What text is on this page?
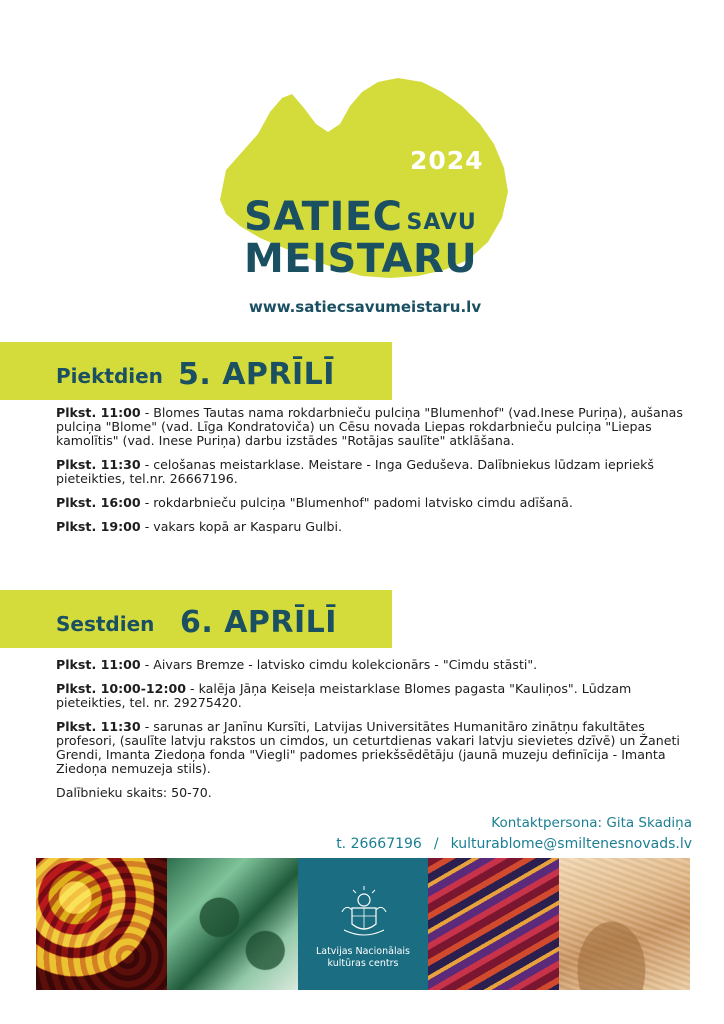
2024
SATIEC SAVU
MEISTARU
www.satiecsavumeistaru.lv
Piektdien 5. APRĪLĪ

Plkst. 11:00 - Blomes Tautas nama rokdarbnieču pulciņa "Blumenhof" (vad.Inese Puriņa), aušanas pulciņa "Blome" (vad. Līga Kondratoviča) un Cēsu novada Liepas rokdarbnieču pulciņa "Liepas kamolītis" (vad. Inese Puriņa) darbu izstādes "Rotājas saulīte" atklāšana.

Plkst. 11:30 - celošanas meistarklase. Meistare - Inga Geduševa. Dalībniekus lūdzam iepriekš pieteikties, tel.nr. 26667196.

Plkst. 16:00 - rokdarbnieču pulciņa "Blumenhof" padomi latvisko cimdu adīšanā.

Plkst. 19:00 - vakars kopā ar Kasparu Gulbi.

Sestdien 6. APRĪLĪ

Plkst. 11:00 - Aivars Bremze - latvisko cimdu kolekcionārs - "Cimdu stāsti".

Plkst. 10:00-12:00 - kalēja Jāņa Keiseļa meistarklase Blomes pagasta "Kauliņos". Lūdzam pieteikties, tel. nr. 29275420.

Plkst. 11:30 - sarunas ar Janīnu Kursīti, Latvijas Universitātes Humanitāro zinātņu fakultātes profesori, (saulīte latvju rakstos un cimdos, un ceturtdienas vakari latvju sievietes dzīvē) un Žaneti Grendi, Imanta Ziedoņa fonda "Viegli" padomes priekšsēdētāju (jaunā muzeju definīcija - Imanta Ziedoņa nemuzeja stils).

Dalībnieku skaits: 50-70.

Kontaktpersona: Gita Skadiņa
t. 26667196 / kulturablome@smiltenesnovads.lv
Latvijas Nacionālais
kultūras centrs
